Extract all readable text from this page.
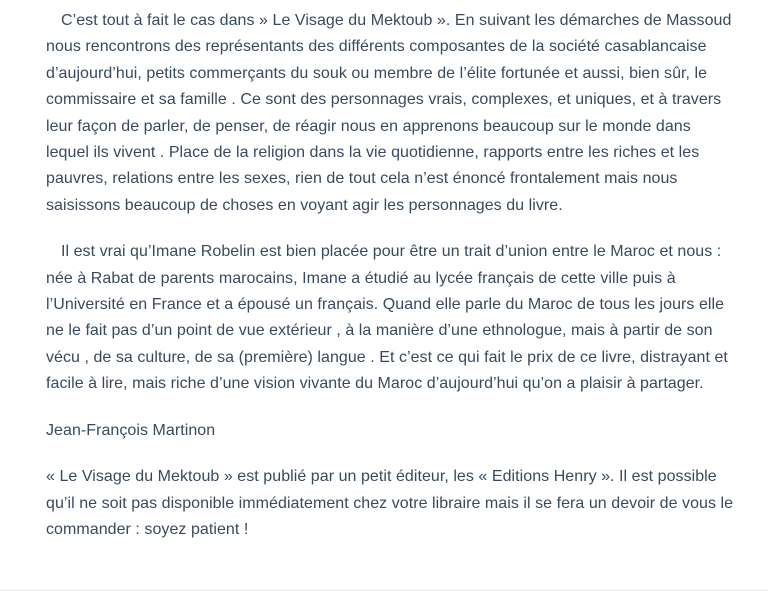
C’est tout à fait le cas dans » Le Visage du Mektoub ». En suivant les démarches de Massoud nous rencontrons des représentants des différents composantes de la société casablancaise d’aujourd’hui, petits commerçants du souk ou membre de l’élite fortunée et aussi, bien sûr, le commissaire et sa famille . Ce sont des personnages vrais, complexes, et uniques, et à travers leur façon de parler, de penser, de réagir nous en apprenons beaucoup sur le monde dans lequel ils vivent . Place de la religion dans la vie quotidienne, rapports entre les riches et les pauvres, relations entre les sexes, rien de tout cela n’est énoncé frontalement mais nous saisissons beaucoup de choses en voyant agir les personnages du livre.

Il est vrai qu’Imane Robelin est bien placée pour être un trait d’union entre le Maroc et nous : née à Rabat de parents marocains, Imane a étudié au lycée français de cette ville puis à l’Université en France et a épousé un français. Quand elle parle du Maroc de tous les jours elle ne le fait pas d’un point de vue extérieur , à la manière d’une ethnologue, mais à partir de son vécu , de sa culture, de sa (première) langue . Et c’est ce qui fait le prix de ce livre, distrayant et facile à lire, mais riche d’une vision vivante du Maroc d’aujourd’hui qu’on a plaisir à partager.

Jean-François Martinon

« Le Visage du Mektoub » est publié par un petit éditeur, les « Editions Henry ». Il est possible qu’il ne soit pas disponible immédiatement chez votre libraire mais il se fera un devoir de vous le commander : soyez patient !
